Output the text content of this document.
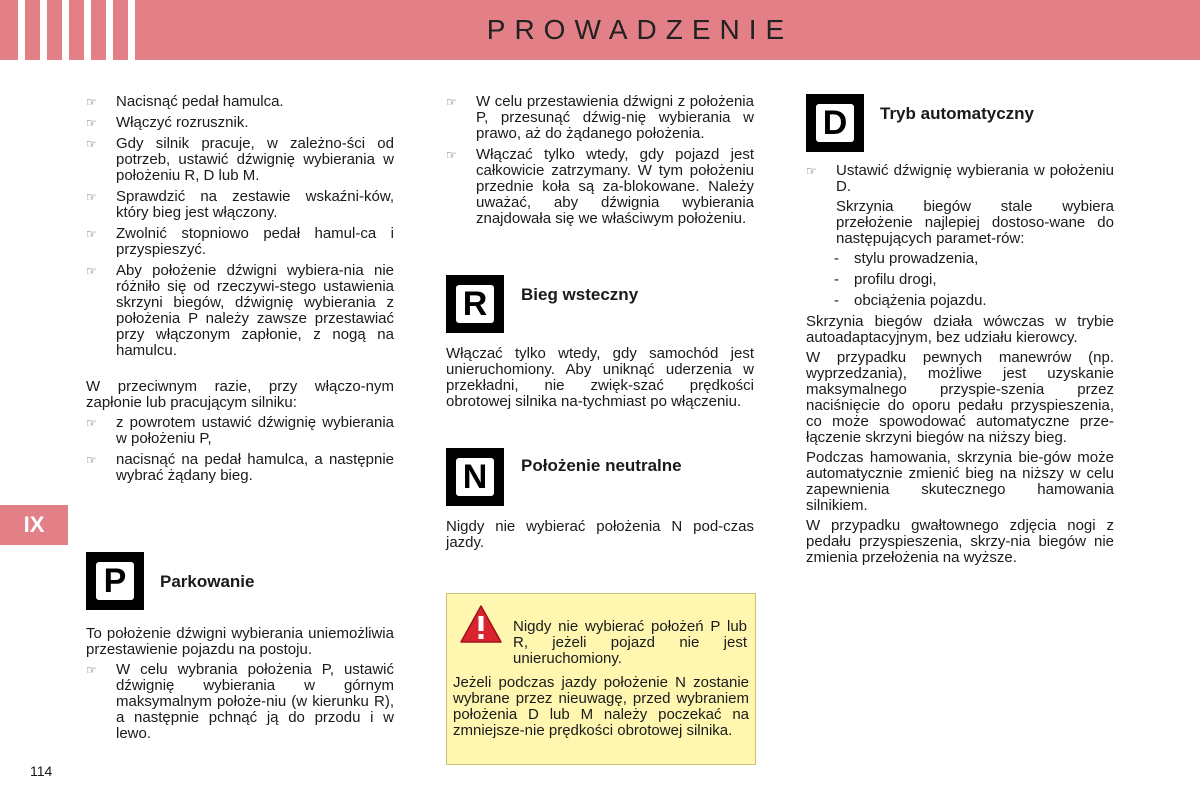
PROWADZENIE
IX
114

☞ Nacisnąć pedał hamulca.

☞ Włączyć rozrusznik.

☞ Gdy silnik pracuje, w zależno-ści od potrzeb, ustawić dźwignię wybierania w położeniu R, D lub M.

☞ Sprawdzić na zestawie wskaźni-ków, który bieg jest włączony.

☞ Zwolnić stopniowo pedał hamul-ca i przyspieszyć.

☞ Aby położenie dźwigni wybiera-nia nie różniło się od rzeczywi-stego ustawienia skrzyni biegów, dźwignię wybierania z położenia P należy zawsze przestawiać przy włączonym zapłonie, z nogą na hamulcu.

W przeciwnym razie, przy włączo-nym zapłonie lub pracującym silniku:

☞ z powrotem ustawić dźwignię wybierania w położeniu P,

☞ nacisnąć na pedał hamulca, a następnie wybrać żądany bieg.

P	Parkowanie

To położenie dźwigni wybierania uniemożliwia przestawienie pojazdu na postoju.

☞ W celu wybrania położenia P, ustawić dźwignię wybierania w górnym maksymalnym położe-niu (w kierunku R), a następnie pchnąć ją do przodu i w lewo.

☞ W celu przestawienia dźwigni z położenia P, przesunąć dźwig-nię wybierania w prawo, aż do żądanego położenia.

☞ Włączać tylko wtedy, gdy pojazd jest całkowicie zatrzymany. W tym położeniu przednie koła są za-blokowane. Należy uważać, aby dźwignia wybierania znajdowała się we właściwym położeniu.

R	Bieg wsteczny

Włączać tylko wtedy, gdy samochód jest unieruchomiony. Aby uniknąć uderzenia w przekładni, nie zwięk-szać prędkości obrotowej silnika na-tychmiast po włączeniu.

N	Położenie neutralne

Nigdy nie wybierać położenia N pod-czas jazdy.

Nigdy nie wybierać położeń P lub R, jeżeli pojazd nie jest unieruchomiony.

Jeżeli podczas jazdy położenie N zostanie wybrane przez nieuwagę, przed wybraniem położenia D lub M należy poczekać na zmniejsze-nie prędkości obrotowej silnika.

D	Tryb automatyczny

☞ Ustawić dźwignię wybierania w położeniu D.

Skrzynia biegów stale wybiera przełożenie najlepiej dostoso-wane do następujących paramet-rów:

- stylu prowadzenia,

- profilu drogi,

- obciążenia pojazdu.

Skrzynia biegów działa wówczas w trybie autoadaptacyjnym, bez udziału kierowcy.

W przypadku pewnych manewrów (np. wyprzedzania), możliwe jest uzyskanie maksymalnego przyspie-szenia przez naciśnięcie do oporu pedału przyspieszenia, co może spowodować automatyczne prze-łączenie skrzyni biegów na niższy bieg.

Podczas hamowania, skrzynia bie-gów może automatycznie zmienić bieg na niższy w celu zapewnienia skutecznego hamowania silnikiem.

W przypadku gwałtownego zdjęcia nogi z pedału przyspieszenia, skrzy-nia biegów nie zmienia przełożenia na wyższe.
